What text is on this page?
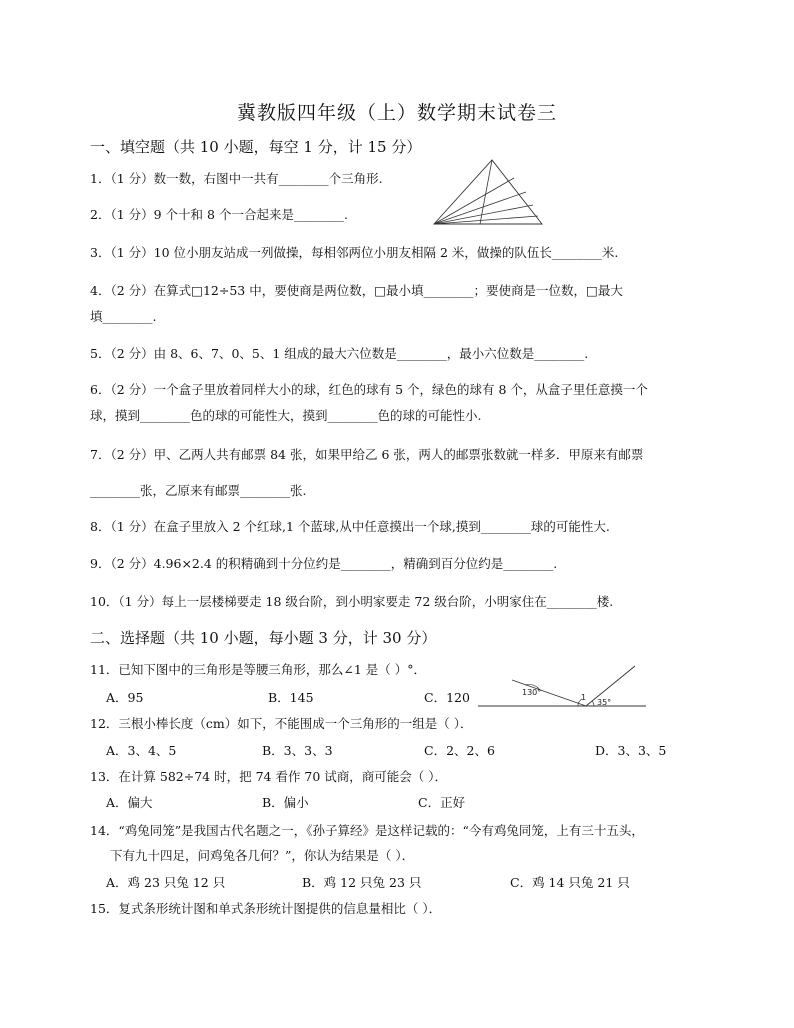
冀教版四年级（上）数学期末试卷三
一、填空题（共 10 小题，每空 1 分，计 15 分）
1．（1 分）数一数，右图中一共有________个三角形.
2．（1 分）9 个十和 8 个一合起来是________.
3．（1 分）10 位小朋友站成一列做操，每相邻两位小朋友相隔 2 米，做操的队伍长________米.
4．（2 分）在算式□12÷53 中，要使商是两位数，□最小填________；要使商是一位数，□最大
填________.
5．（2 分）由 8、6、7、0、5、1 组成的最大六位数是________，最小六位数是________.
6．（2 分）一个盒子里放着同样大小的球，红色的球有 5 个，绿色的球有 8 个，从盒子里任意摸一个
球，摸到________色的球的可能性大，摸到________色的球的可能性小.
7．（2 分）甲、乙两人共有邮票 84 张，如果甲给乙 6 张，两人的邮票张数就一样多．甲原来有邮票
________张，乙原来有邮票________张.
8．（1 分）在盒子里放入 2 个红球,1 个蓝球,从中任意摸出一个球,摸到________球的可能性大.
9．（2 分）4.96×2.4 的积精确到十分位约是________，精确到百分位约是________.
10．（1 分）每上一层楼梯要走 18 级台阶，到小明家要走 72 级台阶，小明家住在________楼.
二、选择题（共 10 小题，每小题 3 分，计 30 分）
11．已知下图中的三角形是等腰三角形，那么∠1 是（ ）°．
A．95	B．145	C．120	130°
1
35°
12．三根小棒长度（cm）如下，不能围成一个三角形的一组是（ ）．
A．3、4、5	B．3、3、3	C．2、2、6	D．3、3、5
13．在计算 582÷74 时，把 74 看作 70 试商，商可能会（ ）．
A．偏大	B．偏小	C．正好
14．“鸡兔同笼”是我国古代名题之一，《孙子算经》是这样记载的：“今有鸡兔同笼，上有三十五头，
下有九十四足，问鸡兔各几何？”，你认为结果是（ ）．
A．鸡 23 只兔 12 只	B．鸡 12 只兔 23 只	C．鸡 14 只兔 21 只
15．复式条形统计图和单式条形统计图提供的信息量相比（ ）．
